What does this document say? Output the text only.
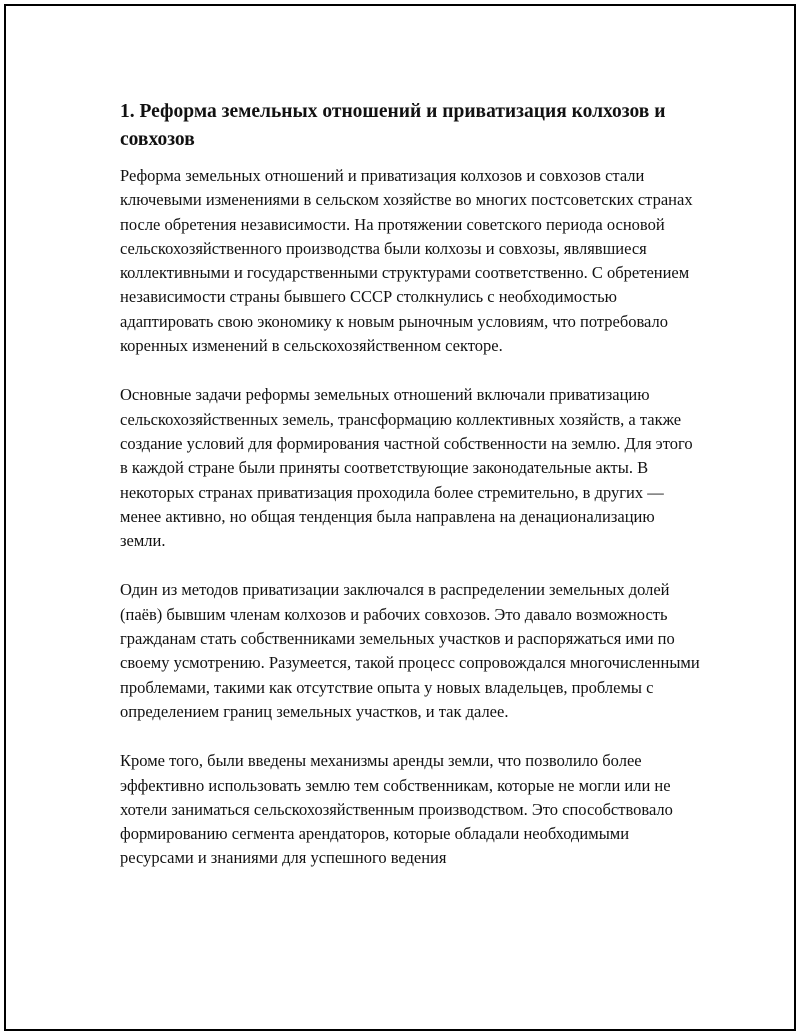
1. Реформа земельных отношений и приватизация колхозов и совхозов

Реформа земельных отношений и приватизация колхозов и совхозов стали ключевыми изменениями в сельском хозяйстве во многих постсоветских странах после обретения независимости. На протяжении советского периода основой сельскохозяйственного производства были колхозы и совхозы, являвшиеся коллективными и государственными структурами соответственно. С обретением независимости страны бывшего СССР столкнулись с необходимостью адаптировать свою экономику к новым рыночным условиям, что потребовало коренных изменений в сельскохозяйственном секторе.

Основные задачи реформы земельных отношений включали приватизацию сельскохозяйственных земель, трансформацию коллективных хозяйств, а также создание условий для формирования частной собственности на землю. Для этого в каждой стране были приняты соответствующие законодательные акты. В некоторых странах приватизация проходила более стремительно, в других — менее активно, но общая тенденция была направлена на денационализацию земли.

Один из методов приватизации заключался в распределении земельных долей (паёв) бывшим членам колхозов и рабочих совхозов. Это давало возможность гражданам стать собственниками земельных участков и распоряжаться ими по своему усмотрению. Разумеется, такой процесс сопровождался многочисленными проблемами, такими как отсутствие опыта у новых владельцев, проблемы с определением границ земельных участков, и так далее.

Кроме того, были введены механизмы аренды земли, что позволило более эффективно использовать землю тем собственникам, которые не могли или не хотели заниматься сельскохозяйственным производством. Это способствовало формированию сегмента арендаторов, которые обладали необходимыми ресурсами и знаниями для успешного ведения
